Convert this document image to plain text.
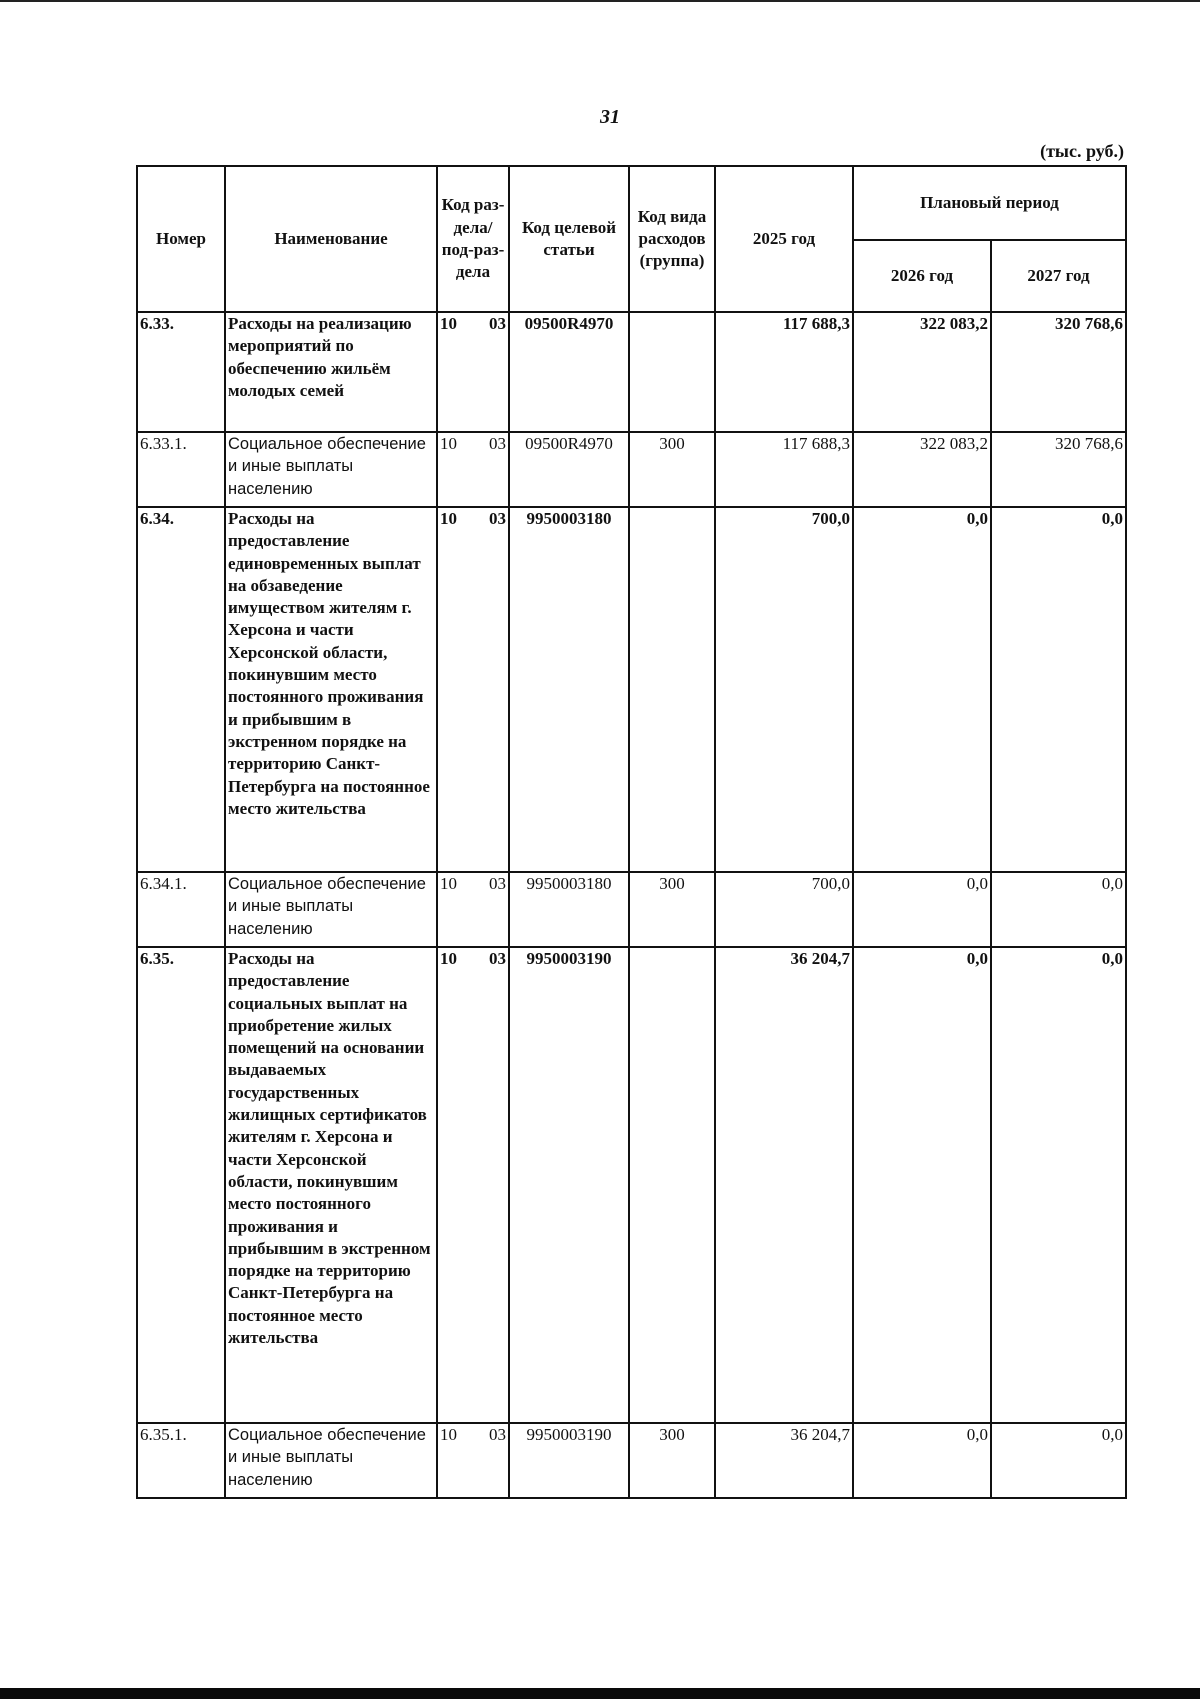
31
(тыс. руб.)
Номер	Наименование	Код раз-дела/ под-раз-дела	Код целевой статьи	Код вида расходов (группа)	2025 год	Плановый период	
						2026 год	2027 год
6.33.	Расходы на реализацию мероприятий по обеспечению жильём молодых семей	10 03	09500R4970		117 688,3	322 083,2	320 768,6
6.33.1.	Социальное обеспечение и иные выплаты населению	10 03	09500R4970	300	117 688,3	322 083,2	320 768,6
6.34.	Расходы на предоставление единовременных выплат на обзаведение имуществом жителям г. Херсона и части Херсонской области, покинувшим место постоянного проживания и прибывшим в экстренном порядке на территорию Санкт-Петербурга на постоянное место жительства	10 03	9950003180		700,0	0,0	0,0
6.34.1.	Социальное обеспечение и иные выплаты населению	10 03	9950003180	300	700,0	0,0	0,0
6.35.	Расходы на предоставление социальных выплат на приобретение жилых помещений на основании выдаваемых государственных жилищных сертификатов жителям г. Херсона и части Херсонской области, покинувшим место постоянного проживания и прибывшим в экстренном порядке на территорию Санкт-Петербурга на постоянное место жительства	10 03	9950003190		36 204,7	0,0	0,0
6.35.1.	Социальное обеспечение и иные выплаты населению	10 03	9950003190	300	36 204,7	0,0	0,0
